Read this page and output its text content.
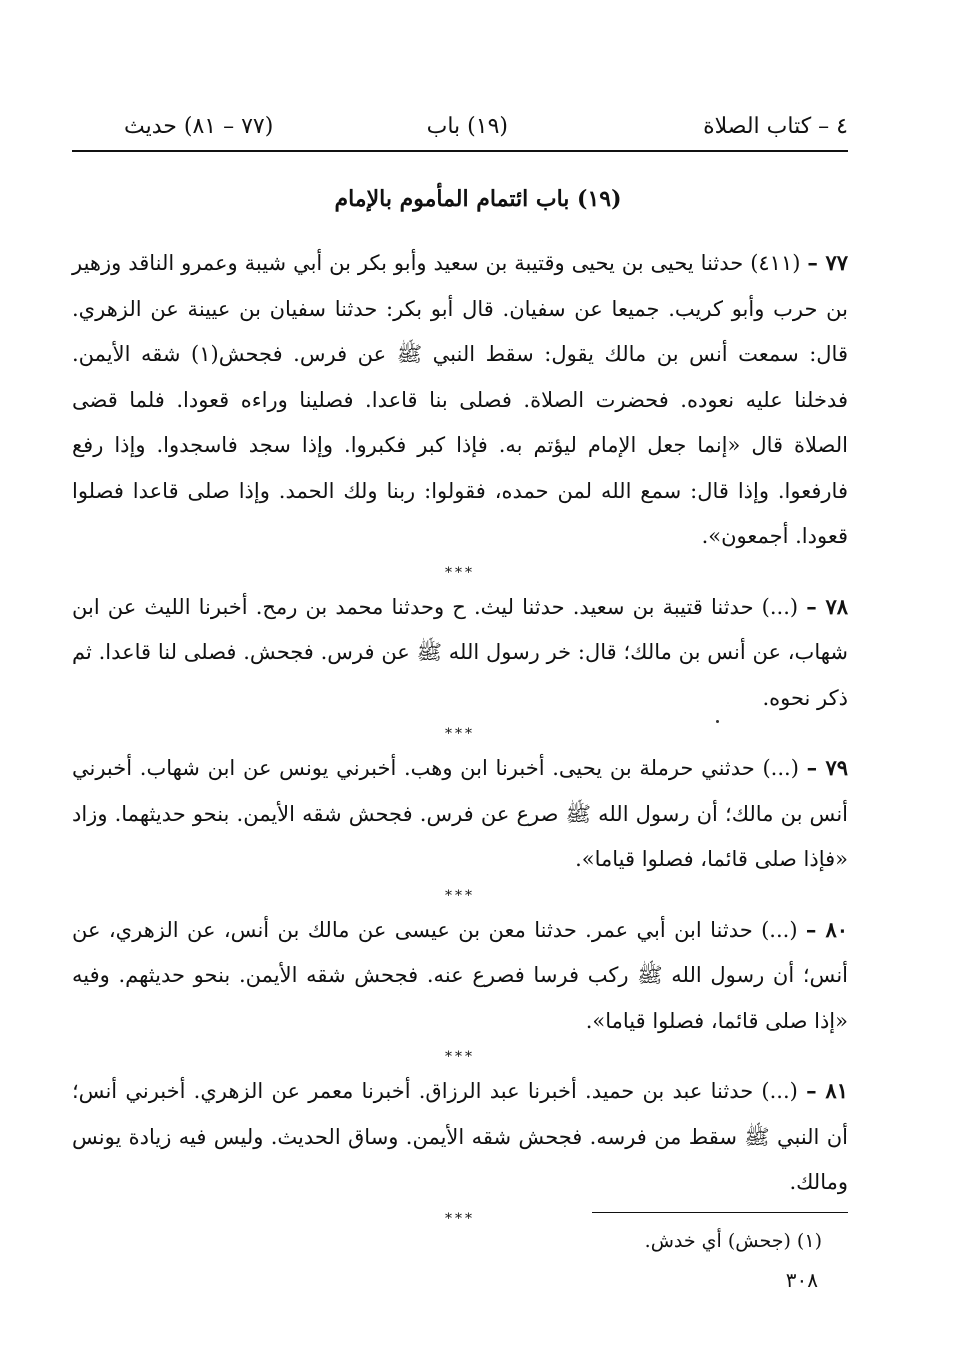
٤ – كتاب الصلاة
(١٩) باب
(٧٧ – ٨١) حديث
(١٩) باب ائتمام المأموم بالإمام

٧٧ – (٤١١) حدثنا يحيى بن يحيى وقتيبة بن سعيد وأبو بكر بن أبي شيبة وعمرو الناقد وزهير بن حرب وأبو كريب. جميعا عن سفيان. قال أبو بكر: حدثنا سفيان بن عيينة عن الزهري. قال: سمعت أنس بن مالك يقول: سقط النبي ﷺ عن فرس. فجحش(١) شقه الأيمن. فدخلنا عليه نعوده. فحضرت الصلاة. فصلى بنا قاعدا. فصلينا وراءه قعودا. فلما قضى الصلاة قال «إنما جعل الإمام ليؤتم به. فإذا كبر فكبروا. وإذا سجد فاسجدوا. وإذا رفع فارفعوا. وإذا قال: سمع الله لمن حمده، فقولوا: ربنا ولك الحمد. وإذا صلى قاعدا فصلوا قعودا. أجمعون».

***

٧٨ – (...) حدثنا قتيبة بن سعيد. حدثنا ليث. ح وحدثنا محمد بن رمح. أخبرنا الليث عن ابن شهاب، عن أنس بن مالك؛ قال: خر رسول الله ﷺ عن فرس. فجحش. فصلى لنا قاعدا. ثم ذكر نحوه.

***

٧٩ – (...) حدثني حرملة بن يحيى. أخبرنا ابن وهب. أخبرني يونس عن ابن شهاب. أخبرني أنس بن مالك؛ أن رسول الله ﷺ صرع عن فرس. فجحش شقه الأيمن. بنحو حديثهما. وزاد «فإذا صلى قائما، فصلوا قياما».

***

٨٠ – (...) حدثنا ابن أبي عمر. حدثنا معن بن عيسى عن مالك بن أنس، عن الزهري، عن أنس؛ أن رسول الله ﷺ ركب فرسا فصرع عنه. فجحش شقه الأيمن. بنحو حديثهم. وفيه «إذا صلى قائما، فصلوا قياما».

***

٨١ – (...) حدثنا عبد بن حميد. أخبرنا عبد الرزاق. أخبرنا معمر عن الزهري. أخبرني أنس؛ أن النبي ﷺ سقط من فرسه. فجحش شقه الأيمن. وساق الحديث. وليس فيه زيادة يونس ومالك.

***
(١) (جحش) أي خدش.
٣٠٨
